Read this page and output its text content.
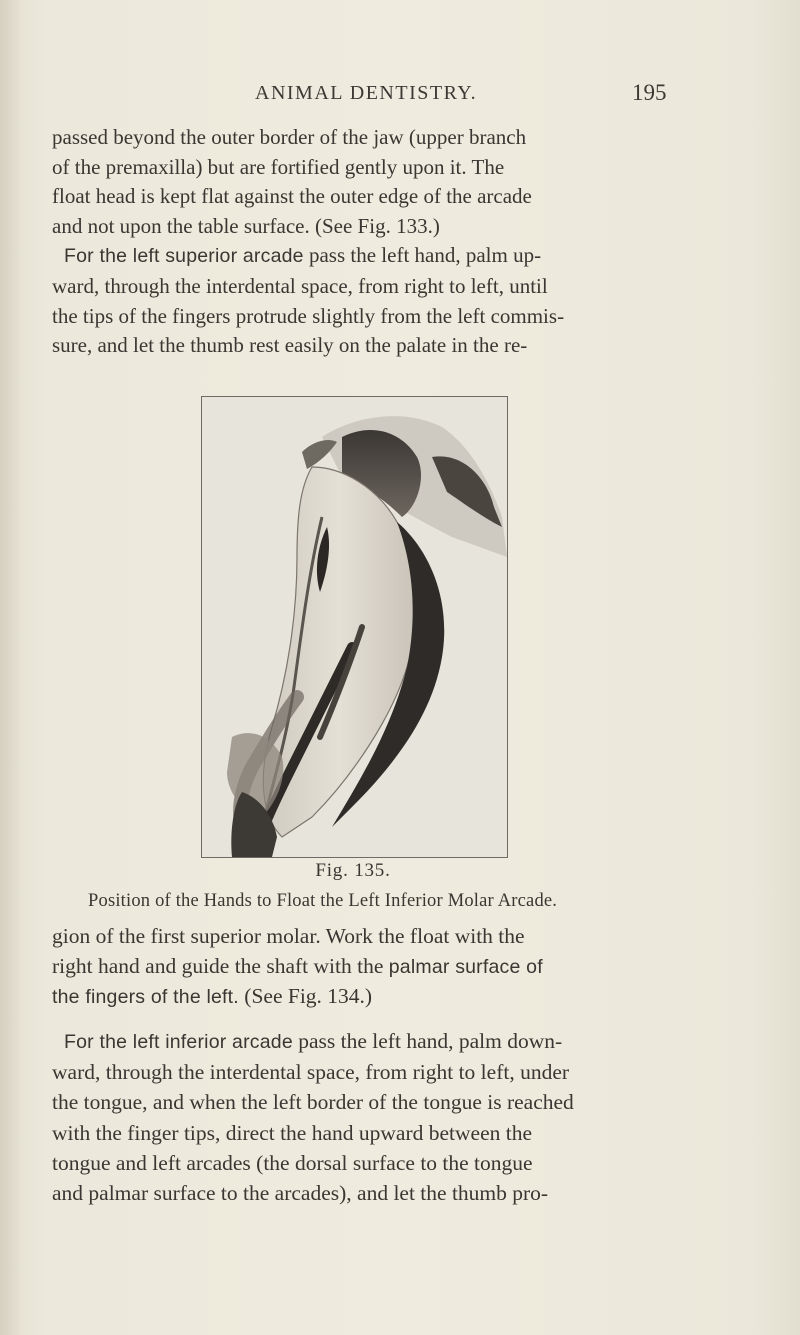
ANIMAL DENTISTRY.	195
passed beyond the outer border of the jaw (upper branch
of the premaxilla) but are fortified gently upon it. The
float head is kept flat against the outer edge of the arcade
and not upon the table surface. (See Fig. 133.)
For the left superior arcade pass the left hand, palm up-
ward, through the interdental space, from right to left, until
the tips of the fingers protrude slightly from the left commis-
sure, and let the thumb rest easily on the palate in the re-
Fig. 135.
Position of the Hands to Float the Left Inferior Molar Arcade.
gion of the first superior molar. Work the float with the
right hand and guide the shaft with the palmar surface of
the fingers of the left. (See Fig. 134.)
For the left inferior arcade pass the left hand, palm down-
ward, through the interdental space, from right to left, under
the tongue, and when the left border of the tongue is reached
with the finger tips, direct the hand upward between the
tongue and left arcades (the dorsal surface to the tongue
and palmar surface to the arcades), and let the thumb pro-
